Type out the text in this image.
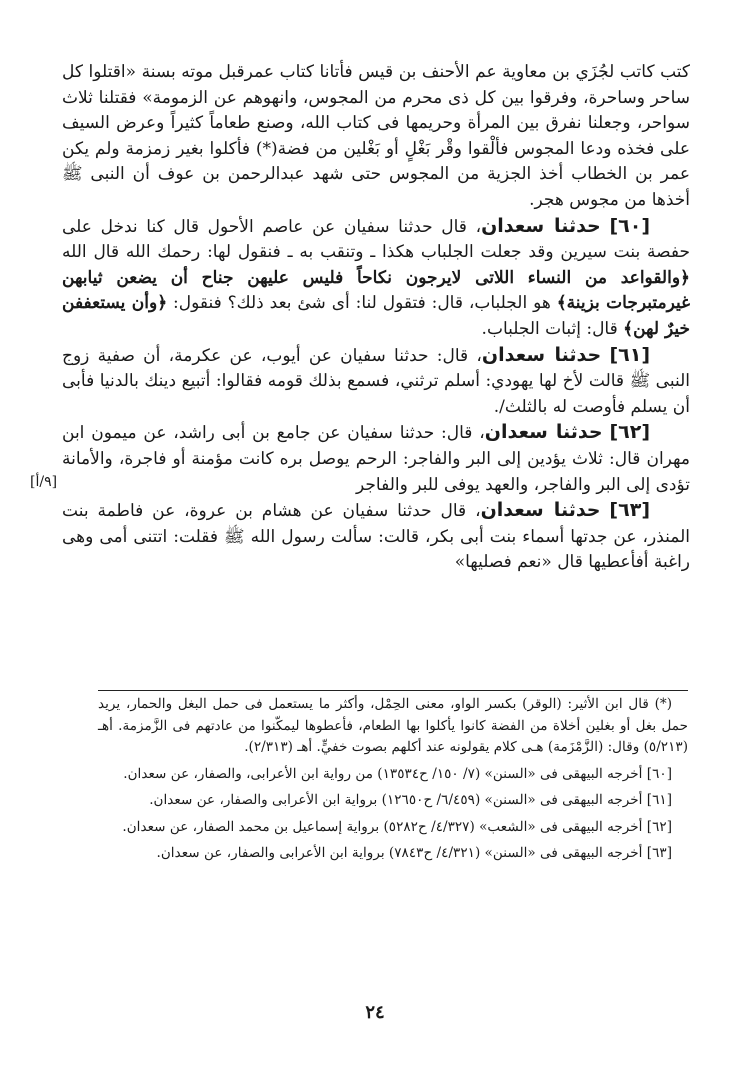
كتب كاتب لجُزَي بن معاوية عم الأحنف بن قيس فأتانا كتاب عمرقبل موته بسنة «اقتلوا كل ساحر وساحرة، وفرقوا بين كل ذى محرم من المجوس، وانهوهم عن الزمومة» فقتلنا ثلاث سواحر، وجعلنا نفرق بين المرأة وحريمها فى كتاب الله، وصنع طعاماً كثيراً وعرض السيف على فخذه ودعا المجوس فألْقوا وقْر بَغْلٍ أو بَغْلين من فضة(*) فأكلوا بغير زمزمة ولم يكن عمر بن الخطاب أخذ الجزية من المجوس حتى شهد عبدالرحمن بن عوف أن النبى ﷺ أخذها من مجوس هجر.

[٦٠] حدثنا سعدان، قال حدثنا سفيان عن عاصم الأحول قال كنا ندخل على حفصة بنت سيرين وقد جعلت الجلباب هكذا ـ وتنقب به ـ فنقول لها: رحمك الله قال الله ﴿والقواعد من النساء اللاتى لايرجون نكاحاً فليس عليهن جناح أن يضعن ثيابهن غيرمتبرجات بزينة﴾ هو الجلباب، قال: فتقول لنا: أى شئ بعد ذلك؟ فنقول: ﴿وأن يستعففن خيرٌ لهن﴾ قال: إثبات الجلباب.

[٦١] حدثنا سعدان، قال: حدثنا سفيان عن أيوب، عن عكرمة، أن صفية زوج النبى ﷺ قالت لأخ لها يهودي: أسلم ترثني، فسمع بذلك قومه فقالوا: أتبيع دينك بالدنيا فأبى أن يسلم فأوصت له بالثلث/.

[٦٢] حدثنا سعدان، قال: حدثنا سفيان عن جامع بن أبى راشد، عن ميمون ابن مهران قال: ثلاث يؤدين إلى البر والفاجر: الرحم يوصل بره كانت مؤمنة أو فاجرة، والأمانة تؤدى إلى البر والفاجر، والعهد يوفى للبر والفاجر

[٦٣] حدثنا سعدان، قال حدثنا سفيان عن هشام بن عروة، عن فاطمة بنت المنذر، عن جدتها أسماء بنت أبى بكر، قالت: سألت رسول الله ﷺ فقلت: اتتنى أمى وهى راغبة أفأعطيها قال «نعم فصليها»

[٩/أ]

(*) قال ابن الأثير: (الوقر) بكسر الواو، معنى الحِمْل، وأكثر ما يستعمل فى حمل البغل والحمار، يريد حمل بغل أو بغلين أخلاة من الفضة كانوا يأكلوا بها الطعام، فأعطوها ليمكّنوا من عادتهم فى الزَّمزمة. أهـ (٥/٢١٣) وقال: (الزَّمْزَمة) هـى كلام يقولونه عند أكلهم بصوت خفيٍّ. أهـ (٢/٣١٣).

[٦٠] أخرجه البيهقى فى «السنن» (٧/ ١٥٠/ ح١٣٥٣٤) من رواية ابن الأعرابى، والصفار، عن سعدان.

[٦١] أخرجه البيهقى فى «السنن» (٦/٤٥٩/ ح١٢٦٥٠) برواية ابن الأعرابى والصفار، عن سعدان.

[٦٢] أخرجه البيهقى فى «الشعب» (٤/٣٢٧/ ح٥٢٨٢) برواية إسماعيل بن محمد الصفار، عن سعدان.

[٦٣] أخرجه البيهقى فى «السنن» (٤/٣٢١/ ح٧٨٤٣) برواية ابن الأعرابى والصفار، عن سعدان.

٢٤
